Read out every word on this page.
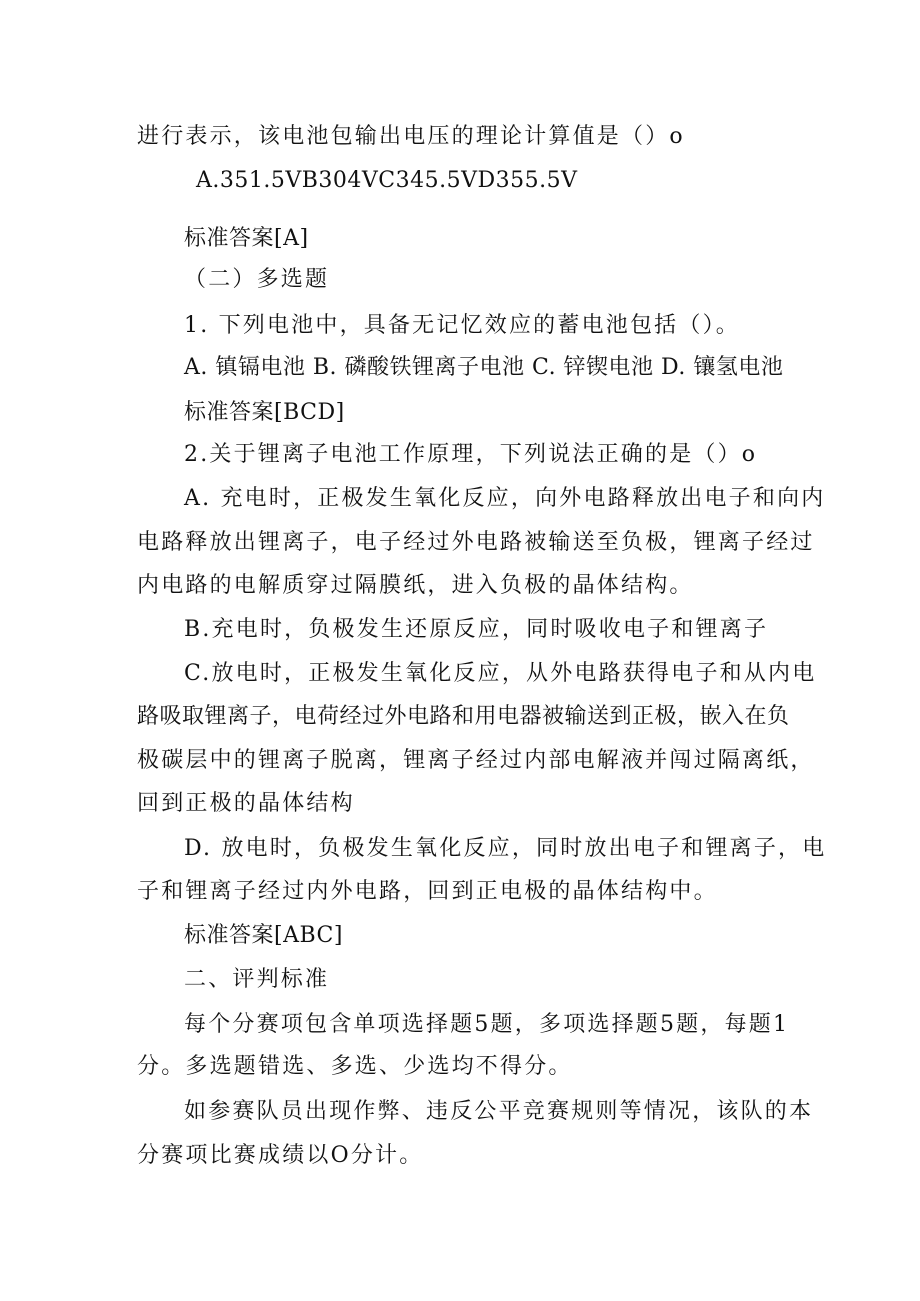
进行表示，该电池包输出电压的理论计算值是（）o
A.351.5VB304VC345.5VD355.5V
标准答案[A]
（二）多选题
1. 下列电池中，具备无记忆效应的蓄电池包括（）。
A. 镇镉电池 B. 磷酸铁锂离子电池 C. 锌锲电池 D. 镶氢电池
标准答案[BCD]
2.关于锂离子电池工作原理，下列说法正确的是（）o
A. 充电时，正极发生氧化反应，向外电路释放出电子和向内
电路释放出锂离子，电子经过外电路被输送至负极，锂离子经过
内电路的电解质穿过隔膜纸，进入负极的晶体结构。
B.充电时，负极发生还原反应，同时吸收电子和锂离子
C.放电时，正极发生氧化反应，从外电路获得电子和从内电
路吸取锂离子，电荷经过外电路和用电器被输送到正极，嵌入在负
极碳层中的锂离子脱离，锂离子经过内部电解液并闯过隔离纸，
回到正极的晶体结构
D. 放电时，负极发生氧化反应，同时放出电子和锂离子，电
子和锂离子经过内外电路，回到正电极的晶体结构中。
标准答案[ABC]
二、评判标准
每个分赛项包含单项选择题5题，多项选择题5题，每题1
分。多选题错选、多选、少选均不得分。
如参赛队员出现作弊、违反公平竞赛规则等情况，该队的本
分赛项比赛成绩以O分计。
